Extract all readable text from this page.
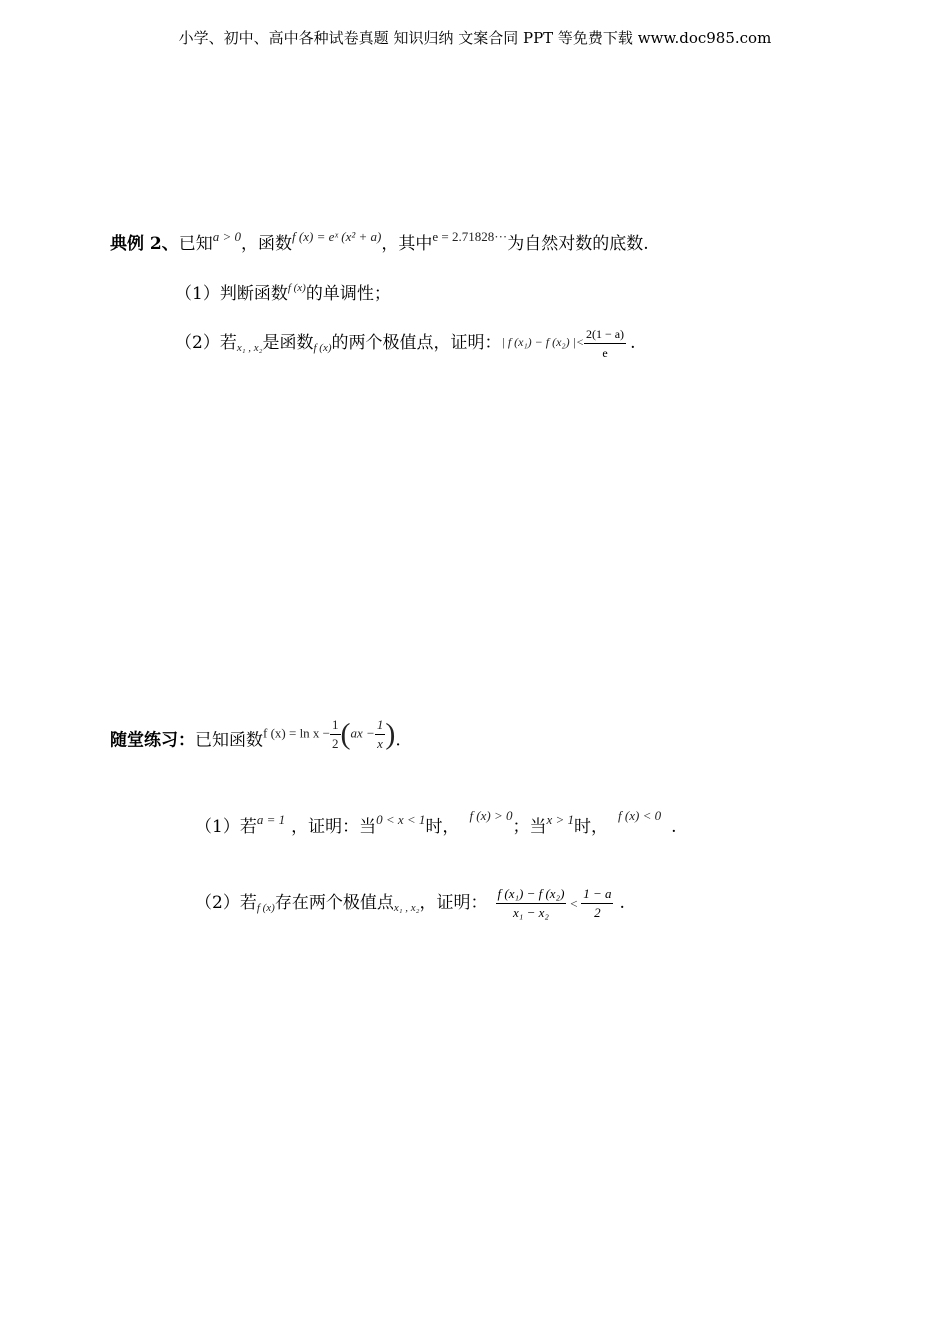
小学、初中、高中各种试卷真题 知识归纳 文案合同 PPT 等免费下载 www.doc985.com
典例 2、已知a > 0，函数f (x) = eˣ (x² + a)，其中e = 2.71828···为自然对数的底数.
（1）判断函数f (x)的单调性；
（2）若x₁ , x₂是函数f (x)的两个极值点，证明：| f (x₁) − f (x₂) |< $\frac{2(1 - a)}{e}$ .
随堂练习：已知函数f $(x) = \ln x - \frac{1}{2} (ax - \frac{1}{x}$ ).
（1）若a = 1 ，证明：当0 < x < 1时，f (x) > 0；当x > 1时，f (x) < 0.
（2）若f (x)存在两个极值点x₁ , x₂，证明： $\frac{\text{f (x₁) − f (x₂)}}{\text{x₁ − x₂}} < \frac{1 - a}{2}$ .
